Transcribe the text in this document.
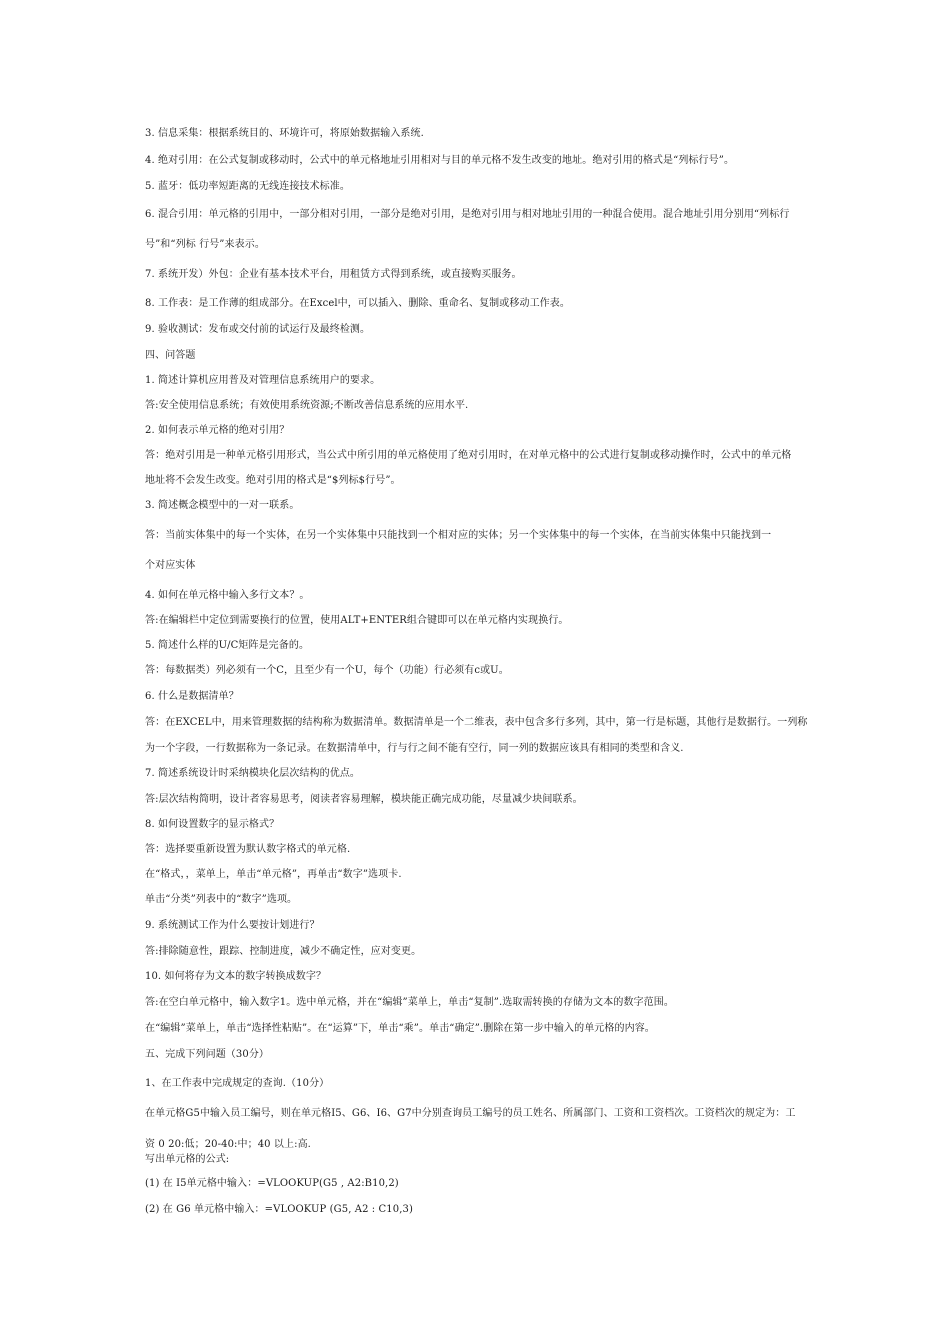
3. 信息采集：根据系统目的、环境许可，将原始数据输入系统.
4. 绝对引用：在公式复制或移动时，公式中的单元格地址引用相对与目的单元格不发生改变的地址。绝对引用的格式是“列标行号”。
5. 蓝牙：低功率短距离的无线连接技术标准。
6. 混合引用：单元格的引用中，一部分相对引用，一部分是绝对引用，是绝对引用与相对地址引用的一种混合使用。混合地址引用分别用“列标行
号”和“列标 行号”来表示。
7. 系统开发）外包：企业有基本技术平台，用租赁方式得到系统，或直接购买服务。
8. 工作表：是工作薄的组成部分。在Excel中，可以插入、删除、重命名、复制或移动工作表。
9. 验收测试：发布或交付前的试运行及最终检测。
四、问答题
1. 简述计算机应用普及对管理信息系统用户的要求。
答:安全使用信息系统；有效使用系统资源;不断改善信息系统的应用水平.
2. 如何表示单元格的绝对引用？
答：绝对引用是一种单元格引用形式，当公式中所引用的单元格使用了绝对引用时，在对单元格中的公式进行复制或移动操作时，公式中的单元格
地址将不会发生改变。绝对引用的格式是“$列标$行号”。
3. 简述概念模型中的一对一联系。
答：当前实体集中的每一个实体，在另一个实体集中只能找到一个相对应的实体；另一个实体集中的每一个实体，在当前实体集中只能找到一
个对应实体
4. 如何在单元格中输入多行文本？。
答:在编辑栏中定位到需要换行的位置，使用ALT+ENTER组合键即可以在单元格内实现换行。
5. 简述什么样的U/C矩阵是完备的。
答：每数据类）列必须有一个C，且至少有一个U，每个（功能）行必须有c或U。
6. 什么是数据清单？
答：在EXCEL中，用来管理数据的结构称为数据清单。数据清单是一个二维表，表中包含多行多列，其中，第一行是标题，其他行是数据行。一列称
为一个字段，一行数据称为一条记录。在数据清单中，行与行之间不能有空行，同一列的数据应该具有相同的类型和含义.
7. 简述系统设计时采纳模块化层次结构的优点。
答:层次结构简明，设计者容易思考，阅读者容易理解，模块能正确完成功能，尽量减少块间联系。
8. 如何设置数字的显示格式？
答：选择要重新设置为默认数字格式的单元格.
在“格式，，菜单上，单击“单元格”，再单击“数字”选项卡.
单击“分类”列表中的“数字”选项。
9. 系统测试工作为什么要按计划进行？
答:排除随意性，跟踪、控制进度，减少不确定性，应对变更。
10. 如何将存为文本的数字转换成数字？
答:在空白单元格中，输入数字1。选中单元格，并在“编辑”菜单上，单击“复制”.选取需转换的存储为文本的数字范围。
在“编辑”菜单上，单击“选择性粘贴”。在“运算”下，单击“乘”。单击“确定”.删除在第一步中输入的单元格的内容。
五、完成下列问题（30分）
1、在工作表中完成规定的查询.（10分）
在单元格G5中输入员工编号，则在单元格I5、G6、I6、G7中分别查询员工编号的员工姓名、所属部门、工资和工资档次。工资档次的规定为：工
资 0 20:低；20-40:中；40 以上:高.
写出单元格的公式:
(1) 在 I5单元格中输入：=VLOOKUP(G5 , A2:B10,2)
(2) 在 G6 单元格中输入：=VLOOKUP (G5, A2 : C10,3)
